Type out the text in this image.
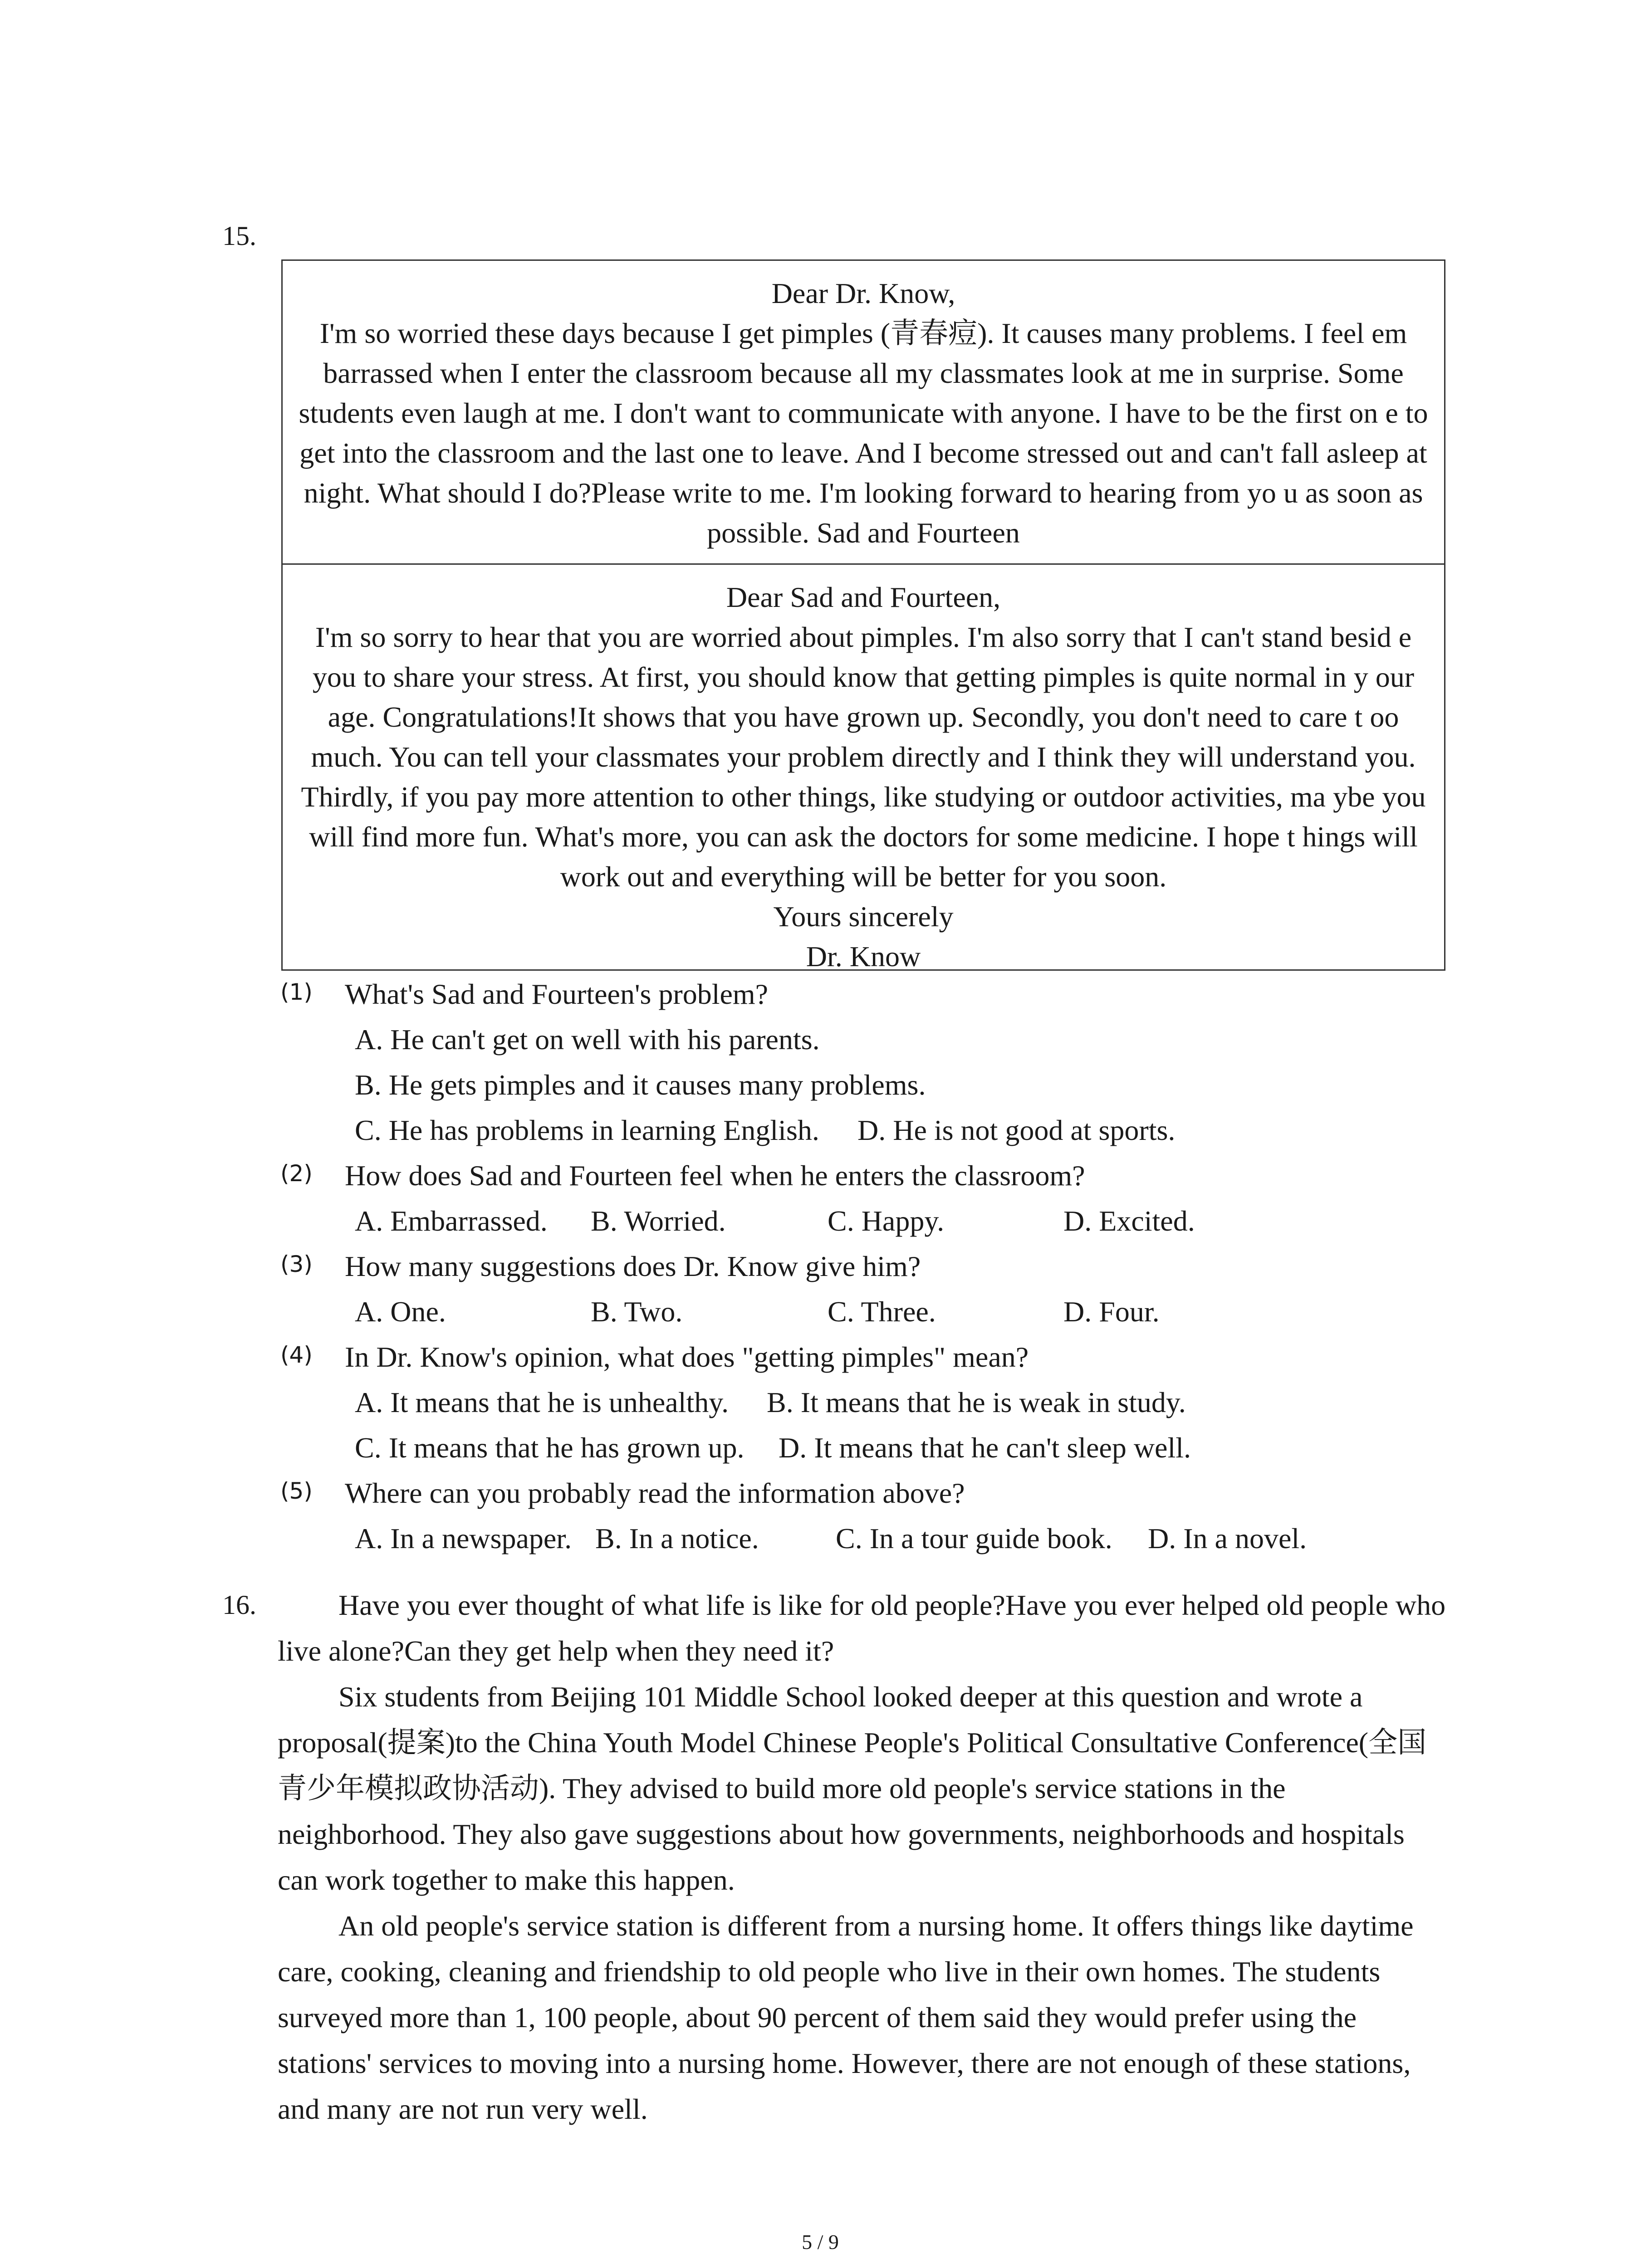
15.

Dear Dr. Know,

I'm so worried these days because I get pimples (青春痘). It causes many problems. I feel em barrassed when I enter the classroom because all my classmates look at me in surprise. Some students even laugh at me. I don't want to communicate with anyone. I have to be the first on e to get into the classroom and the last one to leave. And I become stressed out and can't fall asleep at night. What should I do?Please write to me. I'm looking forward to hearing from yo u as soon as possible. Sad and Fourteen

Dear Sad and Fourteen,

I'm so sorry to hear that you are worried about pimples. I'm also sorry that I can't stand besid e you to share your stress. At first, you should know that getting pimples is quite normal in y our age. Congratulations!It shows that you have grown up. Secondly, you don't need to care t oo much. You can tell your classmates your problem directly and I think they will understand you. Thirdly, if you pay more attention to other things, like studying or outdoor activities, ma ybe you will find more fun. What's more, you can ask the doctors for some medicine. I hope t hings will work out and everything will be better for you soon.

Yours sincerely

Dr. Know

(1) What's Sad and Fourteen's problem?
A. He can't get on well with his parents.
B. He gets pimples and it causes many problems.
C. He has problems in learning English. D. He is not good at sports.
(2) How does Sad and Fourteen feel when he enters the classroom?
A. Embarrassed. B. Worried.	C. Happy.	D. Excited.
(3) How many suggestions does Dr. Know give him?
A. One.	B. Two.	C. Three.	D. Four.
(4) In Dr. Know's opinion, what does "getting pimples" mean?
A. It means that he is unhealthy. B. It means that he is weak in study.
C. It means that he has grown up. D. It means that he can't sleep well.
(5) Where can you probably read the information above?
A. In a newspaper. B. In a notice.	C. In a tour guide book. D. In a novel.
16.	Have you ever thought of what life is like for old people?Have you ever helped old people who live alone?Can they get help when they need it?

Six students from Beijing 101 Middle School looked deeper at this question and wrote a proposal(提案)to the China Youth Model Chinese People's Political Consultative Conference(全国青少年模拟政协活动). They advised to build more old people's service stations in the neighborhood. They also gave suggestions about how governments, neighborhoods and hospitals can work together to make this happen.

An old people's service station is different from a nursing home. It offers things like daytime care, cooking, cleaning and friendship to old people who live in their own homes. The students surveyed more than 1, 100 people, about 90 percent of them said they would prefer using the stations' services to moving into a nursing home. However, there are not enough of these stations, and many are not run very well.

5 / 9
